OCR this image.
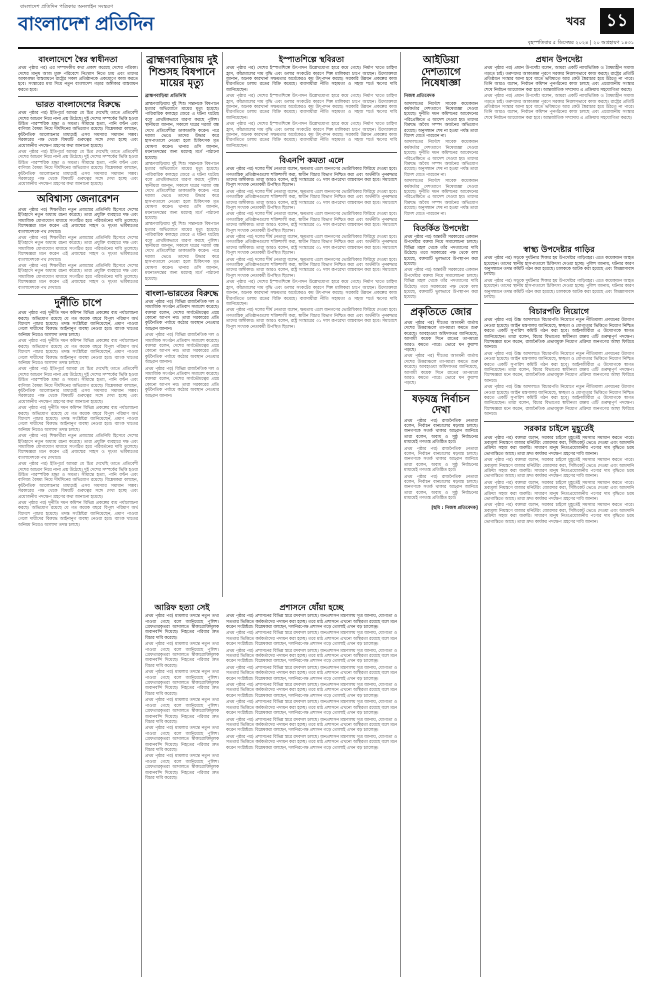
বাংলাদেশ প্রতিদিন পত্রিকার অনলাইন সংস্করণ
বাংলাদেশ প্রতিদিন	খবর	১১
বৃহস্পতিবার ৫ ডিসেম্বর ২০২৪ | ২০ অগ্রহায়ণ ১৪৩১
বাংলাদেশে স্বৈর স্বাধীনতা

প্রথম পৃষ্ঠার পর) এর সম্পাদকীয় কথা প্রকাশ করেছে দেশের পত্রিকা। দেশের মানুষ আজ মুক্ত পরিবেশে নিঃশ্বাস নিতে চায় এবং তাদের আকাঙ্ক্ষা বাস্তবায়নে রাষ্ট্রের সকল প্রতিষ্ঠানকে একযোগে কাজ করতে হবে। সংস্কারের মধ্য দিয়ে নতুন বাংলাদেশ গড়ার অঙ্গীকার বাস্তবায়ন করতে হবে।

ভারত বাংলাদেশের বিরুদ্ধে

প্রথম পৃষ্ঠার পর) ইতিপূর্বে আমরা যে চিত্র দেখেছি তাতে প্রতিবেশী দেশের আচরণ নিয়ে নানা প্রশ্ন উঠেছে। দুই দেশের সম্পর্কের ভিত্তি হওয়া উচিত পারস্পরিক শ্রদ্ধা ও সমতা। সীমান্তে হত্যা, পানি বণ্টন এবং বাণিজ্য বৈষম্য নিয়ে দীর্ঘদিনের অভিযোগ রয়েছে। বিশ্লেষকরা বলছেন, কূটনৈতিক আলোচনার মাধ্যমেই এসব সমস্যার সমাধান সম্ভব। সরকারের পক্ষ থেকে বিষয়টি গুরুত্বের সঙ্গে দেখা হচ্ছে এবং প্রয়োজনীয় পদক্ষেপ গ্রহণের কথা জানানো হয়েছে।

প্রথম পৃষ্ঠার পর) ইতিপূর্বে আমরা যে চিত্র দেখেছি তাতে প্রতিবেশী দেশের আচরণ নিয়ে নানা প্রশ্ন উঠেছে। দুই দেশের সম্পর্কের ভিত্তি হওয়া উচিত পারস্পরিক শ্রদ্ধা ও সমতা। সীমান্তে হত্যা, পানি বণ্টন এবং বাণিজ্য বৈষম্য নিয়ে দীর্ঘদিনের অভিযোগ রয়েছে। বিশ্লেষকরা বলছেন, কূটনৈতিক আলোচনার মাধ্যমেই এসব সমস্যার সমাধান সম্ভব। সরকারের পক্ষ থেকে বিষয়টি গুরুত্বের সঙ্গে দেখা হচ্ছে এবং প্রয়োজনীয় পদক্ষেপ গ্রহণের কথা জানানো হয়েছে।

অবিশ্বাস্য জেনারেশন

প্রথম পৃষ্ঠার পর) শিক্ষার্থীরা নতুন প্রজন্মের প্রতিনিধি হিসেবে দেশের ইতিহাসে নতুন অধ্যায় রচনা করেছে। তারা প্রযুক্তি ব্যবহারে দক্ষ এবং সামাজিক যোগাযোগ মাধ্যমে সংগঠিত হয়ে পরিবর্তনের দাবি তুলেছে। বিশেষজ্ঞরা মনে করেন এই প্রজন্মের সাহস ও দৃঢ়তা ভবিষ্যতের বাংলাদেশকে পথ দেখাবে।

প্রথম পৃষ্ঠার পর) শিক্ষার্থীরা নতুন প্রজন্মের প্রতিনিধি হিসেবে দেশের ইতিহাসে নতুন অধ্যায় রচনা করেছে। তারা প্রযুক্তি ব্যবহারে দক্ষ এবং সামাজিক যোগাযোগ মাধ্যমে সংগঠিত হয়ে পরিবর্তনের দাবি তুলেছে। বিশেষজ্ঞরা মনে করেন এই প্রজন্মের সাহস ও দৃঢ়তা ভবিষ্যতের বাংলাদেশকে পথ দেখাবে।

প্রথম পৃষ্ঠার পর) শিক্ষার্থীরা নতুন প্রজন্মের প্রতিনিধি হিসেবে দেশের ইতিহাসে নতুন অধ্যায় রচনা করেছে। তারা প্রযুক্তি ব্যবহারে দক্ষ এবং সামাজিক যোগাযোগ মাধ্যমে সংগঠিত হয়ে পরিবর্তনের দাবি তুলেছে। বিশেষজ্ঞরা মনে করেন এই প্রজন্মের সাহস ও দৃঢ়তা ভবিষ্যতের বাংলাদেশকে পথ দেখাবে।

দুর্নীতি চাপে

প্রথম পৃষ্ঠার পর) দুর্নীতি দমন কমিশন বিভিন্ন প্রকল্পের ব্যয় পর্যালোচনা করছে। অভিযোগ রয়েছে যে গত কয়েক বছরে বিপুল পরিমাণ অর্থ বিদেশে পাচার হয়েছে। তদন্ত সংশ্লিষ্টরা জানিয়েছেন, প্রমাণ পাওয়া গেলে দায়ীদের বিরুদ্ধে আইনানুগ ব্যবস্থা নেওয়া হবে। ব্যাংক খাতের অনিয়ম নিয়েও আলাদা তদন্ত চলছে।

প্রথম পৃষ্ঠার পর) দুর্নীতি দমন কমিশন বিভিন্ন প্রকল্পের ব্যয় পর্যালোচনা করছে। অভিযোগ রয়েছে যে গত কয়েক বছরে বিপুল পরিমাণ অর্থ বিদেশে পাচার হয়েছে। তদন্ত সংশ্লিষ্টরা জানিয়েছেন, প্রমাণ পাওয়া গেলে দায়ীদের বিরুদ্ধে আইনানুগ ব্যবস্থা নেওয়া হবে। ব্যাংক খাতের অনিয়ম নিয়েও আলাদা তদন্ত চলছে।

প্রথম পৃষ্ঠার পর) ইতিপূর্বে আমরা যে চিত্র দেখেছি তাতে প্রতিবেশী দেশের আচরণ নিয়ে নানা প্রশ্ন উঠেছে। দুই দেশের সম্পর্কের ভিত্তি হওয়া উচিত পারস্পরিক শ্রদ্ধা ও সমতা। সীমান্তে হত্যা, পানি বণ্টন এবং বাণিজ্য বৈষম্য নিয়ে দীর্ঘদিনের অভিযোগ রয়েছে। বিশ্লেষকরা বলছেন, কূটনৈতিক আলোচনার মাধ্যমেই এসব সমস্যার সমাধান সম্ভব। সরকারের পক্ষ থেকে বিষয়টি গুরুত্বের সঙ্গে দেখা হচ্ছে এবং প্রয়োজনীয় পদক্ষেপ গ্রহণের কথা জানানো হয়েছে।

প্রথম পৃষ্ঠার পর) দুর্নীতি দমন কমিশন বিভিন্ন প্রকল্পের ব্যয় পর্যালোচনা করছে। অভিযোগ রয়েছে যে গত কয়েক বছরে বিপুল পরিমাণ অর্থ বিদেশে পাচার হয়েছে। তদন্ত সংশ্লিষ্টরা জানিয়েছেন, প্রমাণ পাওয়া গেলে দায়ীদের বিরুদ্ধে আইনানুগ ব্যবস্থা নেওয়া হবে। ব্যাংক খাতের অনিয়ম নিয়েও আলাদা তদন্ত চলছে।

প্রথম পৃষ্ঠার পর) শিক্ষার্থীরা নতুন প্রজন্মের প্রতিনিধি হিসেবে দেশের ইতিহাসে নতুন অধ্যায় রচনা করেছে। তারা প্রযুক্তি ব্যবহারে দক্ষ এবং সামাজিক যোগাযোগ মাধ্যমে সংগঠিত হয়ে পরিবর্তনের দাবি তুলেছে। বিশেষজ্ঞরা মনে করেন এই প্রজন্মের সাহস ও দৃঢ়তা ভবিষ্যতের বাংলাদেশকে পথ দেখাবে।

প্রথম পৃষ্ঠার পর) ইতিপূর্বে আমরা যে চিত্র দেখেছি তাতে প্রতিবেশী দেশের আচরণ নিয়ে নানা প্রশ্ন উঠেছে। দুই দেশের সম্পর্কের ভিত্তি হওয়া উচিত পারস্পরিক শ্রদ্ধা ও সমতা। সীমান্তে হত্যা, পানি বণ্টন এবং বাণিজ্য বৈষম্য নিয়ে দীর্ঘদিনের অভিযোগ রয়েছে। বিশ্লেষকরা বলছেন, কূটনৈতিক আলোচনার মাধ্যমেই এসব সমস্যার সমাধান সম্ভব। সরকারের পক্ষ থেকে বিষয়টি গুরুত্বের সঙ্গে দেখা হচ্ছে এবং প্রয়োজনীয় পদক্ষেপ গ্রহণের কথা জানানো হয়েছে।

প্রথম পৃষ্ঠার পর) দুর্নীতি দমন কমিশন বিভিন্ন প্রকল্পের ব্যয় পর্যালোচনা করছে। অভিযোগ রয়েছে যে গত কয়েক বছরে বিপুল পরিমাণ অর্থ বিদেশে পাচার হয়েছে। তদন্ত সংশ্লিষ্টরা জানিয়েছেন, প্রমাণ পাওয়া গেলে দায়ীদের বিরুদ্ধে আইনানুগ ব্যবস্থা নেওয়া হবে। ব্যাংক খাতের অনিয়ম নিয়েও আলাদা তদন্ত চলছে।

ব্রাহ্মণবাড়িয়ায় দুই শিশুসহ বিষপানে মায়ের মৃত্যু
ব্রাহ্মণবাড়িয়া প্রতিনিধি

ব্রাহ্মণবাড়িয়ায় দুই শিশু সন্তানকে বিষপানে হত্যার অভিযোগে মায়ের মৃত্যু হয়েছে। পারিবারিক কলহের জেরে এ ঘটনা ঘটেছে বলে প্রাথমিকভাবে ধারণা করছে পুলিশ। স্থানীয়রা জানান, সকালে ঘরের দরজা বন্ধ দেখে প্রতিবেশীরা ডাকাডাকি করেন। পরে দরজা ভেঙে তাদের উদ্ধার করে হাসপাতালে নেওয়া হলে চিকিৎসক মৃত ঘোষণা করেন। থানার ওসি জানান, ময়নাতদন্তের জন্য মরদেহ মর্গে পাঠানো হয়েছে।

ব্রাহ্মণবাড়িয়ায় দুই শিশু সন্তানকে বিষপানে হত্যার অভিযোগে মায়ের মৃত্যু হয়েছে। পারিবারিক কলহের জেরে এ ঘটনা ঘটেছে বলে প্রাথমিকভাবে ধারণা করছে পুলিশ। স্থানীয়রা জানান, সকালে ঘরের দরজা বন্ধ দেখে প্রতিবেশীরা ডাকাডাকি করেন। পরে দরজা ভেঙে তাদের উদ্ধার করে হাসপাতালে নেওয়া হলে চিকিৎসক মৃত ঘোষণা করেন। থানার ওসি জানান, ময়নাতদন্তের জন্য মরদেহ মর্গে পাঠানো হয়েছে।

ব্রাহ্মণবাড়িয়ায় দুই শিশু সন্তানকে বিষপানে হত্যার অভিযোগে মায়ের মৃত্যু হয়েছে। পারিবারিক কলহের জেরে এ ঘটনা ঘটেছে বলে প্রাথমিকভাবে ধারণা করছে পুলিশ। স্থানীয়রা জানান, সকালে ঘরের দরজা বন্ধ দেখে প্রতিবেশীরা ডাকাডাকি করেন। পরে দরজা ভেঙে তাদের উদ্ধার করে হাসপাতালে নেওয়া হলে চিকিৎসক মৃত ঘোষণা করেন। থানার ওসি জানান, ময়নাতদন্তের জন্য মরদেহ মর্গে পাঠানো হয়েছে।

বাংলা-ভারতের বিরুদ্ধে

প্রথম পৃষ্ঠার পর) বিভিন্ন রাজনৈতিক দল ও সামাজিক সংগঠন প্রতিবাদ সমাবেশ করেছে। বক্তারা বলেন, দেশের সার্বভৌমত্বের প্রশ্নে কোনো আপস নয়। তারা সরকারের প্রতি কূটনৈতিক পর্যায়ে কঠোর অবস্থান নেওয়ার আহ্বান জানান।

প্রথম পৃষ্ঠার পর) বিভিন্ন রাজনৈতিক দল ও সামাজিক সংগঠন প্রতিবাদ সমাবেশ করেছে। বক্তারা বলেন, দেশের সার্বভৌমত্বের প্রশ্নে কোনো আপস নয়। তারা সরকারের প্রতি কূটনৈতিক পর্যায়ে কঠোর অবস্থান নেওয়ার আহ্বান জানান।

প্রথম পৃষ্ঠার পর) বিভিন্ন রাজনৈতিক দল ও সামাজিক সংগঠন প্রতিবাদ সমাবেশ করেছে। বক্তারা বলেন, দেশের সার্বভৌমত্বের প্রশ্নে কোনো আপস নয়। তারা সরকারের প্রতি কূটনৈতিক পর্যায়ে কঠোর অবস্থান নেওয়ার আহ্বান জানান।

আরিফ হত্যা সেই

প্রথম পৃষ্ঠার পর) মামলার তদন্তে নতুন তথ্য পাওয়া গেছে বলে জানিয়েছে পুলিশ। গ্রেফতারকৃতরা আদালতে স্বীকারোক্তিমূলক জবানবন্দি দিয়েছে। নিহতের পরিবার দ্রুত বিচার দাবি করেছে।

প্রথম পৃষ্ঠার পর) মামলার তদন্তে নতুন তথ্য পাওয়া গেছে বলে জানিয়েছে পুলিশ। গ্রেফতারকৃতরা আদালতে স্বীকারোক্তিমূলক জবানবন্দি দিয়েছে। নিহতের পরিবার দ্রুত বিচার দাবি করেছে।

প্রথম পৃষ্ঠার পর) মামলার তদন্তে নতুন তথ্য পাওয়া গেছে বলে জানিয়েছে পুলিশ। গ্রেফতারকৃতরা আদালতে স্বীকারোক্তিমূলক জবানবন্দি দিয়েছে। নিহতের পরিবার দ্রুত বিচার দাবি করেছে।

প্রথম পৃষ্ঠার পর) মামলার তদন্তে নতুন তথ্য পাওয়া গেছে বলে জানিয়েছে পুলিশ। গ্রেফতারকৃতরা আদালতে স্বীকারোক্তিমূলক জবানবন্দি দিয়েছে। নিহতের পরিবার দ্রুত বিচার দাবি করেছে।

প্রথম পৃষ্ঠার পর) মামলার তদন্তে নতুন তথ্য পাওয়া গেছে বলে জানিয়েছে পুলিশ। গ্রেফতারকৃতরা আদালতে স্বীকারোক্তিমূলক জবানবন্দি দিয়েছে। নিহতের পরিবার দ্রুত বিচার দাবি করেছে।

প্রথম পৃষ্ঠার পর) মামলার তদন্তে নতুন তথ্য পাওয়া গেছে বলে জানিয়েছে পুলিশ। গ্রেফতারকৃতরা আদালতে স্বীকারোক্তিমূলক জবানবন্দি দিয়েছে। নিহতের পরিবার দ্রুত বিচার দাবি করেছে।

ইস্পাতশিল্পে স্থবিরতা

প্রথম পৃষ্ঠার পর) দেশের ইস্পাতশিল্পে উৎপাদন উল্লেখযোগ্য হারে কমে গেছে। নির্মাণ খাতে চাহিদা হ্রাস, কাঁচামালের দাম বৃদ্ধি এবং ডলার সংকটের কারণে শিল্প মালিকরা চাপে আছেন। উদ্যোক্তারা জানান, অনেক কারখানা সক্ষমতার অর্ধেকেরও কম উৎপাদন করছে। সরকারি উন্নয়ন প্রকল্পের কাজ ধীরগতিতে চলায় রডের বিক্রি কমেছে। ব্যবসায়ীরা নীতি সহায়তা ও সহজ শর্তে ঋণের দাবি জানিয়েছেন।

প্রথম পৃষ্ঠার পর) দেশের ইস্পাতশিল্পে উৎপাদন উল্লেখযোগ্য হারে কমে গেছে। নির্মাণ খাতে চাহিদা হ্রাস, কাঁচামালের দাম বৃদ্ধি এবং ডলার সংকটের কারণে শিল্প মালিকরা চাপে আছেন। উদ্যোক্তারা জানান, অনেক কারখানা সক্ষমতার অর্ধেকেরও কম উৎপাদন করছে। সরকারি উন্নয়ন প্রকল্পের কাজ ধীরগতিতে চলায় রডের বিক্রি কমেছে। ব্যবসায়ীরা নীতি সহায়তা ও সহজ শর্তে ঋণের দাবি জানিয়েছেন।

প্রথম পৃষ্ঠার পর) দেশের ইস্পাতশিল্পে উৎপাদন উল্লেখযোগ্য হারে কমে গেছে। নির্মাণ খাতে চাহিদা হ্রাস, কাঁচামালের দাম বৃদ্ধি এবং ডলার সংকটের কারণে শিল্প মালিকরা চাপে আছেন। উদ্যোক্তারা জানান, অনেক কারখানা সক্ষমতার অর্ধেকেরও কম উৎপাদন করছে। সরকারি উন্নয়ন প্রকল্পের কাজ ধীরগতিতে চলায় রডের বিক্রি কমেছে। ব্যবসায়ীরা নীতি সহায়তা ও সহজ শর্তে ঋণের দাবি জানিয়েছেন।

বিএনপি কমতা এলে

প্রথম পৃষ্ঠার পর) দলের শীর্ষ নেতারা বলেন, ক্ষমতায় এলে জনগণের ভোটাধিকার ফিরিয়ে দেওয়া হবে। গণতান্ত্রিক প্রতিষ্ঠানগুলো শক্তিশালী করা, স্বাধীন বিচার বিভাগ নিশ্চিত করা এবং অর্থনীতি পুনরুদ্ধার তাদের অঙ্গীকার। তারা আরও বলেন, রাষ্ট্র সংস্কারের ৩১ দফা রূপরেখা বাস্তবায়ন করা হবে। সমাবেশে বিপুল সংখ্যক নেতাকর্মী উপস্থিত ছিলেন।

প্রথম পৃষ্ঠার পর) দলের শীর্ষ নেতারা বলেন, ক্ষমতায় এলে জনগণের ভোটাধিকার ফিরিয়ে দেওয়া হবে। গণতান্ত্রিক প্রতিষ্ঠানগুলো শক্তিশালী করা, স্বাধীন বিচার বিভাগ নিশ্চিত করা এবং অর্থনীতি পুনরুদ্ধার তাদের অঙ্গীকার। তারা আরও বলেন, রাষ্ট্র সংস্কারের ৩১ দফা রূপরেখা বাস্তবায়ন করা হবে। সমাবেশে বিপুল সংখ্যক নেতাকর্মী উপস্থিত ছিলেন।

প্রথম পৃষ্ঠার পর) দলের শীর্ষ নেতারা বলেন, ক্ষমতায় এলে জনগণের ভোটাধিকার ফিরিয়ে দেওয়া হবে। গণতান্ত্রিক প্রতিষ্ঠানগুলো শক্তিশালী করা, স্বাধীন বিচার বিভাগ নিশ্চিত করা এবং অর্থনীতি পুনরুদ্ধার তাদের অঙ্গীকার। তারা আরও বলেন, রাষ্ট্র সংস্কারের ৩১ দফা রূপরেখা বাস্তবায়ন করা হবে। সমাবেশে বিপুল সংখ্যক নেতাকর্মী উপস্থিত ছিলেন।

প্রথম পৃষ্ঠার পর) দলের শীর্ষ নেতারা বলেন, ক্ষমতায় এলে জনগণের ভোটাধিকার ফিরিয়ে দেওয়া হবে। গণতান্ত্রিক প্রতিষ্ঠানগুলো শক্তিশালী করা, স্বাধীন বিচার বিভাগ নিশ্চিত করা এবং অর্থনীতি পুনরুদ্ধার তাদের অঙ্গীকার। তারা আরও বলেন, রাষ্ট্র সংস্কারের ৩১ দফা রূপরেখা বাস্তবায়ন করা হবে। সমাবেশে বিপুল সংখ্যক নেতাকর্মী উপস্থিত ছিলেন।

প্রথম পৃষ্ঠার পর) দলের শীর্ষ নেতারা বলেন, ক্ষমতায় এলে জনগণের ভোটাধিকার ফিরিয়ে দেওয়া হবে। গণতান্ত্রিক প্রতিষ্ঠানগুলো শক্তিশালী করা, স্বাধীন বিচার বিভাগ নিশ্চিত করা এবং অর্থনীতি পুনরুদ্ধার তাদের অঙ্গীকার। তারা আরও বলেন, রাষ্ট্র সংস্কারের ৩১ দফা রূপরেখা বাস্তবায়ন করা হবে। সমাবেশে বিপুল সংখ্যক নেতাকর্মী উপস্থিত ছিলেন।

প্রথম পৃষ্ঠার পর) দেশের ইস্পাতশিল্পে উৎপাদন উল্লেখযোগ্য হারে কমে গেছে। নির্মাণ খাতে চাহিদা হ্রাস, কাঁচামালের দাম বৃদ্ধি এবং ডলার সংকটের কারণে শিল্প মালিকরা চাপে আছেন। উদ্যোক্তারা জানান, অনেক কারখানা সক্ষমতার অর্ধেকেরও কম উৎপাদন করছে। সরকারি উন্নয়ন প্রকল্পের কাজ ধীরগতিতে চলায় রডের বিক্রি কমেছে। ব্যবসায়ীরা নীতি সহায়তা ও সহজ শর্তে ঋণের দাবি জানিয়েছেন।

প্রথম পৃষ্ঠার পর) দলের শীর্ষ নেতারা বলেন, ক্ষমতায় এলে জনগণের ভোটাধিকার ফিরিয়ে দেওয়া হবে। গণতান্ত্রিক প্রতিষ্ঠানগুলো শক্তিশালী করা, স্বাধীন বিচার বিভাগ নিশ্চিত করা এবং অর্থনীতি পুনরুদ্ধার তাদের অঙ্গীকার। তারা আরও বলেন, রাষ্ট্র সংস্কারের ৩১ দফা রূপরেখা বাস্তবায়ন করা হবে। সমাবেশে বিপুল সংখ্যক নেতাকর্মী উপস্থিত ছিলেন।

প্রশাসনে ধোঁয়া হচ্ছে

প্রথম পৃষ্ঠার পর) প্রশাসনের বিভিন্ন স্তরে রদবদল চলছে। জনপ্রশাসন মন্ত্রণালয় সূত্র জানায়, যোগ্যতা ও সততার ভিত্তিতে কর্মকর্তাদের পদায়ন করা হচ্ছে। তবে মাঠ প্রশাসনে এখনো অস্থিরতা রয়েছে বলে মনে করেন সংশ্লিষ্টরা। বিশ্লেষকরা বলছেন, দলনিরপেক্ষ প্রশাসন গড়ে তোলাই এখন বড় চ্যালেঞ্জ।

প্রথম পৃষ্ঠার পর) প্রশাসনের বিভিন্ন স্তরে রদবদল চলছে। জনপ্রশাসন মন্ত্রণালয় সূত্র জানায়, যোগ্যতা ও সততার ভিত্তিতে কর্মকর্তাদের পদায়ন করা হচ্ছে। তবে মাঠ প্রশাসনে এখনো অস্থিরতা রয়েছে বলে মনে করেন সংশ্লিষ্টরা। বিশ্লেষকরা বলছেন, দলনিরপেক্ষ প্রশাসন গড়ে তোলাই এখন বড় চ্যালেঞ্জ।

প্রথম পৃষ্ঠার পর) প্রশাসনের বিভিন্ন স্তরে রদবদল চলছে। জনপ্রশাসন মন্ত্রণালয় সূত্র জানায়, যোগ্যতা ও সততার ভিত্তিতে কর্মকর্তাদের পদায়ন করা হচ্ছে। তবে মাঠ প্রশাসনে এখনো অস্থিরতা রয়েছে বলে মনে করেন সংশ্লিষ্টরা। বিশ্লেষকরা বলছেন, দলনিরপেক্ষ প্রশাসন গড়ে তোলাই এখন বড় চ্যালেঞ্জ।

প্রথম পৃষ্ঠার পর) প্রশাসনের বিভিন্ন স্তরে রদবদল চলছে। জনপ্রশাসন মন্ত্রণালয় সূত্র জানায়, যোগ্যতা ও সততার ভিত্তিতে কর্মকর্তাদের পদায়ন করা হচ্ছে। তবে মাঠ প্রশাসনে এখনো অস্থিরতা রয়েছে বলে মনে করেন সংশ্লিষ্টরা। বিশ্লেষকরা বলছেন, দলনিরপেক্ষ প্রশাসন গড়ে তোলাই এখন বড় চ্যালেঞ্জ।

প্রথম পৃষ্ঠার পর) প্রশাসনের বিভিন্ন স্তরে রদবদল চলছে। জনপ্রশাসন মন্ত্রণালয় সূত্র জানায়, যোগ্যতা ও সততার ভিত্তিতে কর্মকর্তাদের পদায়ন করা হচ্ছে। তবে মাঠ প্রশাসনে এখনো অস্থিরতা রয়েছে বলে মনে করেন সংশ্লিষ্টরা। বিশ্লেষকরা বলছেন, দলনিরপেক্ষ প্রশাসন গড়ে তোলাই এখন বড় চ্যালেঞ্জ।

প্রথম পৃষ্ঠার পর) প্রশাসনের বিভিন্ন স্তরে রদবদল চলছে। জনপ্রশাসন মন্ত্রণালয় সূত্র জানায়, যোগ্যতা ও সততার ভিত্তিতে কর্মকর্তাদের পদায়ন করা হচ্ছে। তবে মাঠ প্রশাসনে এখনো অস্থিরতা রয়েছে বলে মনে করেন সংশ্লিষ্টরা। বিশ্লেষকরা বলছেন, দলনিরপেক্ষ প্রশাসন গড়ে তোলাই এখন বড় চ্যালেঞ্জ।

প্রথম পৃষ্ঠার পর) প্রশাসনের বিভিন্ন স্তরে রদবদল চলছে। জনপ্রশাসন মন্ত্রণালয় সূত্র জানায়, যোগ্যতা ও সততার ভিত্তিতে কর্মকর্তাদের পদায়ন করা হচ্ছে। তবে মাঠ প্রশাসনে এখনো অস্থিরতা রয়েছে বলে মনে করেন সংশ্লিষ্টরা। বিশ্লেষকরা বলছেন, দলনিরপেক্ষ প্রশাসন গড়ে তোলাই এখন বড় চ্যালেঞ্জ।

প্রথম পৃষ্ঠার পর) প্রশাসনের বিভিন্ন স্তরে রদবদল চলছে। জনপ্রশাসন মন্ত্রণালয় সূত্র জানায়, যোগ্যতা ও সততার ভিত্তিতে কর্মকর্তাদের পদায়ন করা হচ্ছে। তবে মাঠ প্রশাসনে এখনো অস্থিরতা রয়েছে বলে মনে করেন সংশ্লিষ্টরা। বিশ্লেষকরা বলছেন, দলনিরপেক্ষ প্রশাসন গড়ে তোলাই এখন বড় চ্যালেঞ্জ।

আইডিয়া দেশত্যাগে নিষেধাজ্ঞা
নিজস্ব প্রতিবেদক

আদালতের নির্দেশে সাবেক কয়েকজন কর্মকর্তার দেশত্যাগে নিষেধাজ্ঞা দেওয়া হয়েছে। দুর্নীতি দমন কমিশনের আবেদনের পরিপ্রেক্ষিতে এ আদেশ দেওয়া হয়। তাদের বিরুদ্ধে অবৈধ সম্পদ অর্জনের অভিযোগ রয়েছে। অনুসন্ধান শেষ না হওয়া পর্যন্ত তারা বিদেশ যেতে পারবেন না।

আদালতের নির্দেশে সাবেক কয়েকজন কর্মকর্তার দেশত্যাগে নিষেধাজ্ঞা দেওয়া হয়েছে। দুর্নীতি দমন কমিশনের আবেদনের পরিপ্রেক্ষিতে এ আদেশ দেওয়া হয়। তাদের বিরুদ্ধে অবৈধ সম্পদ অর্জনের অভিযোগ রয়েছে। অনুসন্ধান শেষ না হওয়া পর্যন্ত তারা বিদেশ যেতে পারবেন না।

আদালতের নির্দেশে সাবেক কয়েকজন কর্মকর্তার দেশত্যাগে নিষেধাজ্ঞা দেওয়া হয়েছে। দুর্নীতি দমন কমিশনের আবেদনের পরিপ্রেক্ষিতে এ আদেশ দেওয়া হয়। তাদের বিরুদ্ধে অবৈধ সম্পদ অর্জনের অভিযোগ রয়েছে। অনুসন্ধান শেষ না হওয়া পর্যন্ত তারা বিদেশ যেতে পারবেন না।

বিতর্কিত উপদেষ্টা

প্রথম পৃষ্ঠার পর) অন্তর্বর্তী সরকারের একজন উপদেষ্টার বক্তব্য নিয়ে সমালোচনা চলছে। বিভিন্ন মহল থেকে তাঁর পদত্যাগের দাবি উঠেছে। তবে সরকারের পক্ষ থেকে বলা হয়েছে, বক্তব্যটি ভুলভাবে উপস্থাপন করা হয়েছে।

প্রথম পৃষ্ঠার পর) অন্তর্বর্তী সরকারের একজন উপদেষ্টার বক্তব্য নিয়ে সমালোচনা চলছে। বিভিন্ন মহল থেকে তাঁর পদত্যাগের দাবি উঠেছে। তবে সরকারের পক্ষ থেকে বলা হয়েছে, বক্তব্যটি ভুলভাবে উপস্থাপন করা হয়েছে।

প্রকৃতিতে জোর

প্রথম পৃষ্ঠার পর) শীতের আগমনী বার্তায় দেশের উত্তরাঞ্চলে তাপমাত্রা কমতে শুরু করেছে। আবহাওয়া অধিদফতর জানিয়েছে, আগামী কয়েক দিনে রাতের তাপমাত্রা আরও কমতে পারে। ভোরে ঘন কুয়াশা পড়ছে।

প্রথম পৃষ্ঠার পর) শীতের আগমনী বার্তায় দেশের উত্তরাঞ্চলে তাপমাত্রা কমতে শুরু করেছে। আবহাওয়া অধিদফতর জানিয়েছে, আগামী কয়েক দিনে রাতের তাপমাত্রা আরও কমতে পারে। ভোরে ঘন কুয়াশা পড়ছে।

ষড়যন্ত্র নির্বাচন দেখা

প্রথম পৃষ্ঠার পর) রাজনৈতিক নেতারা বলেন, নির্বাচন বানচালের ষড়যন্ত্র চলছে। জনগণকে সতর্ক থাকার আহ্বান জানিয়ে তারা বলেন, অবাধ ও সুষ্ঠু নির্বাচনের মাধ্যমেই গণতন্ত্র প্রতিষ্ঠিত হবে।

প্রথম পৃষ্ঠার পর) রাজনৈতিক নেতারা বলেন, নির্বাচন বানচালের ষড়যন্ত্র চলছে। জনগণকে সতর্ক থাকার আহ্বান জানিয়ে তারা বলেন, অবাধ ও সুষ্ঠু নির্বাচনের মাধ্যমেই গণতন্ত্র প্রতিষ্ঠিত হবে।

প্রথম পৃষ্ঠার পর) রাজনৈতিক নেতারা বলেন, নির্বাচন বানচালের ষড়যন্ত্র চলছে। জনগণকে সতর্ক থাকার আহ্বান জানিয়ে তারা বলেন, অবাধ ও সুষ্ঠু নির্বাচনের মাধ্যমেই গণতন্ত্র প্রতিষ্ঠিত হবে।

[ছবি : নিজস্ব প্রতিবেদক]
প্রধান উপদেষ্টা

প্রথম পৃষ্ঠার পর) প্রধান উপদেষ্টা বলেন, আমরা একটি ন্যায়ভিত্তিক ও বৈষম্যহীন সমাজ গড়তে চাই। তরুণদের আকাঙ্ক্ষা পূরণে সরকার নিরলসভাবে কাজ করছে। রাষ্ট্রের প্রতিটি প্রতিষ্ঠানে সংস্কার আনা হবে যাতে ভবিষ্যতে আর কেউ স্বৈরাচার হয়ে উঠতে না পারে। তিনি আরও বলেন, নির্বাচন কমিশন পুনর্গঠনের কাজ চলছে এবং প্রয়োজনীয় সংস্কার শেষে নির্বাচন আয়োজন করা হবে। আন্তর্জাতিক সম্প্রদায় এ প্রক্রিয়ায় সহযোগিতা করছে।

প্রথম পৃষ্ঠার পর) প্রধান উপদেষ্টা বলেন, আমরা একটি ন্যায়ভিত্তিক ও বৈষম্যহীন সমাজ গড়তে চাই। তরুণদের আকাঙ্ক্ষা পূরণে সরকার নিরলসভাবে কাজ করছে। রাষ্ট্রের প্রতিটি প্রতিষ্ঠানে সংস্কার আনা হবে যাতে ভবিষ্যতে আর কেউ স্বৈরাচার হয়ে উঠতে না পারে। তিনি আরও বলেন, নির্বাচন কমিশন পুনর্গঠনের কাজ চলছে এবং প্রয়োজনীয় সংস্কার শেষে নির্বাচন আয়োজন করা হবে। আন্তর্জাতিক সম্প্রদায় এ প্রক্রিয়ায় সহযোগিতা করছে।

স্বাস্থ্য উপদেষ্টার গাড়ির

প্রথম পৃষ্ঠার পর) সড়কে দুর্ঘটনার শিকার হয় উপদেষ্টার গাড়িবহর। এতে কয়েকজন আহত হয়েছেন। তাদের স্থানীয় হাসপাতালে চিকিৎসা দেওয়া হচ্ছে। পুলিশ জানায়, ঘটনার কারণ অনুসন্ধানে তদন্ত কমিটি গঠন করা হয়েছে। চালককে আটক করা হয়েছে এবং জিজ্ঞাসাবাদ চলছে।

প্রথম পৃষ্ঠার পর) সড়কে দুর্ঘটনার শিকার হয় উপদেষ্টার গাড়িবহর। এতে কয়েকজন আহত হয়েছেন। তাদের স্থানীয় হাসপাতালে চিকিৎসা দেওয়া হচ্ছে। পুলিশ জানায়, ঘটনার কারণ অনুসন্ধানে তদন্ত কমিটি গঠন করা হয়েছে। চালককে আটক করা হয়েছে এবং জিজ্ঞাসাবাদ চলছে।

বিচারপতি নিয়োগে

প্রথম পৃষ্ঠার পর) উচ্চ আদালতে বিচারপতি নিয়োগে নতুন নীতিমালা প্রণয়নের উদ্যোগ নেওয়া হয়েছে। আইন মন্ত্রণালয় জানিয়েছে, স্বচ্ছতা ও যোগ্যতার ভিত্তিতে নিয়োগ নিশ্চিত করতে একটি সুপারিশ কমিটি গঠন করা হবে। আইনজীবীরা এ উদ্যোগকে স্বাগত জানিয়েছেন। তারা বলেন, বিচার বিভাগের স্বাধীনতা রক্ষায় এটি গুরুত্বপূর্ণ পদক্ষেপ। বিশেষজ্ঞরা মনে করেন, রাজনৈতিক প্রভাবমুক্ত নিয়োগ প্রক্রিয়া জনগণের আস্থা ফিরিয়ে আনবে।

প্রথম পৃষ্ঠার পর) উচ্চ আদালতে বিচারপতি নিয়োগে নতুন নীতিমালা প্রণয়নের উদ্যোগ নেওয়া হয়েছে। আইন মন্ত্রণালয় জানিয়েছে, স্বচ্ছতা ও যোগ্যতার ভিত্তিতে নিয়োগ নিশ্চিত করতে একটি সুপারিশ কমিটি গঠন করা হবে। আইনজীবীরা এ উদ্যোগকে স্বাগত জানিয়েছেন। তারা বলেন, বিচার বিভাগের স্বাধীনতা রক্ষায় এটি গুরুত্বপূর্ণ পদক্ষেপ। বিশেষজ্ঞরা মনে করেন, রাজনৈতিক প্রভাবমুক্ত নিয়োগ প্রক্রিয়া জনগণের আস্থা ফিরিয়ে আনবে।

প্রথম পৃষ্ঠার পর) উচ্চ আদালতে বিচারপতি নিয়োগে নতুন নীতিমালা প্রণয়নের উদ্যোগ নেওয়া হয়েছে। আইন মন্ত্রণালয় জানিয়েছে, স্বচ্ছতা ও যোগ্যতার ভিত্তিতে নিয়োগ নিশ্চিত করতে একটি সুপারিশ কমিটি গঠন করা হবে। আইনজীবীরা এ উদ্যোগকে স্বাগত জানিয়েছেন। তারা বলেন, বিচার বিভাগের স্বাধীনতা রক্ষায় এটি গুরুত্বপূর্ণ পদক্ষেপ। বিশেষজ্ঞরা মনে করেন, রাজনৈতিক প্রভাবমুক্ত নিয়োগ প্রক্রিয়া জনগণের আস্থা ফিরিয়ে আনবে।

সরকার চাইলে মুহূর্তেই

প্রথম পৃষ্ঠার পর) বক্তারা বলেন, সরকার চাইলে মুহূর্তেই সমস্যার সমাধান করতে পারে। দ্রব্যমূল্য নিয়ন্ত্রণে বাজার মনিটরিং জোরদার করা, সিন্ডিকেট ভেঙে দেওয়া এবং আমদানি প্রক্রিয়া সহজ করা জরুরি। সাধারণ মানুষ নিত্যপ্রয়োজনীয় পণ্যের দাম বৃদ্ধিতে চরম ভোগান্তিতে আছে। তারা দ্রুত কার্যকর পদক্ষেপ গ্রহণের দাবি জানান।

প্রথম পৃষ্ঠার পর) বক্তারা বলেন, সরকার চাইলে মুহূর্তেই সমস্যার সমাধান করতে পারে। দ্রব্যমূল্য নিয়ন্ত্রণে বাজার মনিটরিং জোরদার করা, সিন্ডিকেট ভেঙে দেওয়া এবং আমদানি প্রক্রিয়া সহজ করা জরুরি। সাধারণ মানুষ নিত্যপ্রয়োজনীয় পণ্যের দাম বৃদ্ধিতে চরম ভোগান্তিতে আছে। তারা দ্রুত কার্যকর পদক্ষেপ গ্রহণের দাবি জানান।

প্রথম পৃষ্ঠার পর) বক্তারা বলেন, সরকার চাইলে মুহূর্তেই সমস্যার সমাধান করতে পারে। দ্রব্যমূল্য নিয়ন্ত্রণে বাজার মনিটরিং জোরদার করা, সিন্ডিকেট ভেঙে দেওয়া এবং আমদানি প্রক্রিয়া সহজ করা জরুরি। সাধারণ মানুষ নিত্যপ্রয়োজনীয় পণ্যের দাম বৃদ্ধিতে চরম ভোগান্তিতে আছে। তারা দ্রুত কার্যকর পদক্ষেপ গ্রহণের দাবি জানান।

প্রথম পৃষ্ঠার পর) বক্তারা বলেন, সরকার চাইলে মুহূর্তেই সমস্যার সমাধান করতে পারে। দ্রব্যমূল্য নিয়ন্ত্রণে বাজার মনিটরিং জোরদার করা, সিন্ডিকেট ভেঙে দেওয়া এবং আমদানি প্রক্রিয়া সহজ করা জরুরি। সাধারণ মানুষ নিত্যপ্রয়োজনীয় পণ্যের দাম বৃদ্ধিতে চরম ভোগান্তিতে আছে। তারা দ্রুত কার্যকর পদক্ষেপ গ্রহণের দাবি জানান।
